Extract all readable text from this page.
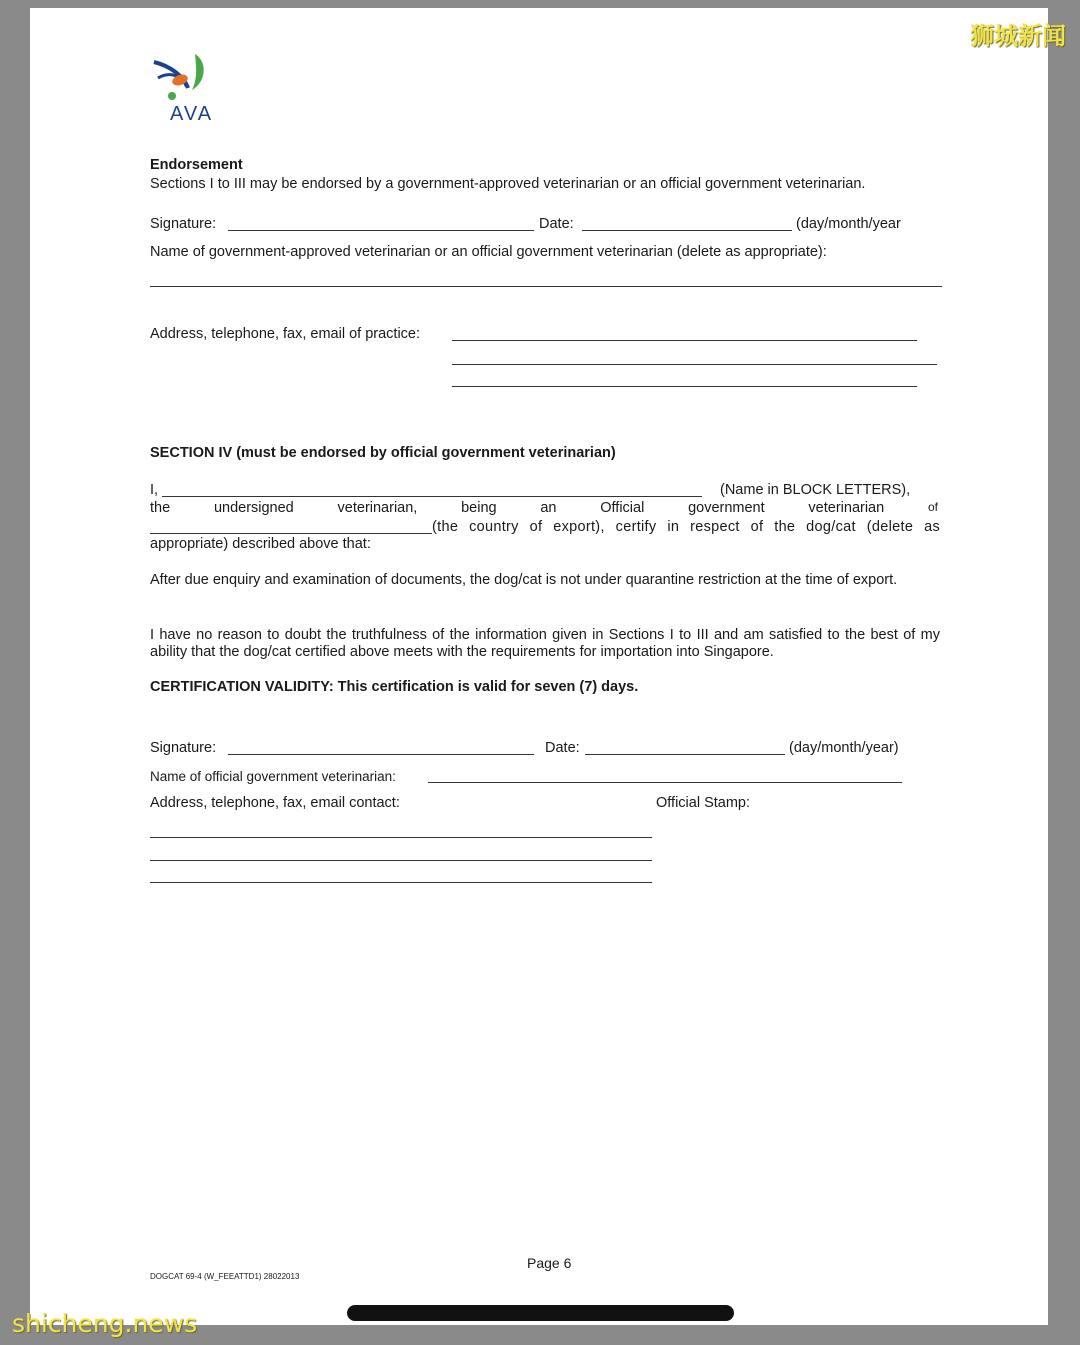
AVA
Endorsement
Sections I to III may be endorsed by a government-approved veterinarian or an official government veterinarian.
Signature:	Date:	(day/month/year
Name of government-approved veterinarian or an official government veterinarian (delete as appropriate):
Address, telephone, fax, email of practice:
SECTION IV (must be endorsed by official government veterinarian)
I,	(Name in BLOCK LETTERS),
the	undersigned	veterinarian,	being	an	Official	government	veterinarian	of
(the country of export), certify in respect of the dog/cat (delete as
appropriate) described above that:
After due enquiry and examination of documents, the dog/cat is not under quarantine restriction at the time of export.
I have no reason to doubt the truthfulness of the information given in Sections I to III and am satisfied to the best of my ability that the dog/cat certified above meets with the requirements for importation into Singapore.
CERTIFICATION VALIDITY: This certification is valid for seven (7) days.
Signature:	Date:	(day/month/year)
Name of official government veterinarian:
Address, telephone, fax, email contact:	Official Stamp:
Page 6
DOGCAT 69-4 (W_FEEATTD1) 28022013
狮城新闻
shicheng.news
